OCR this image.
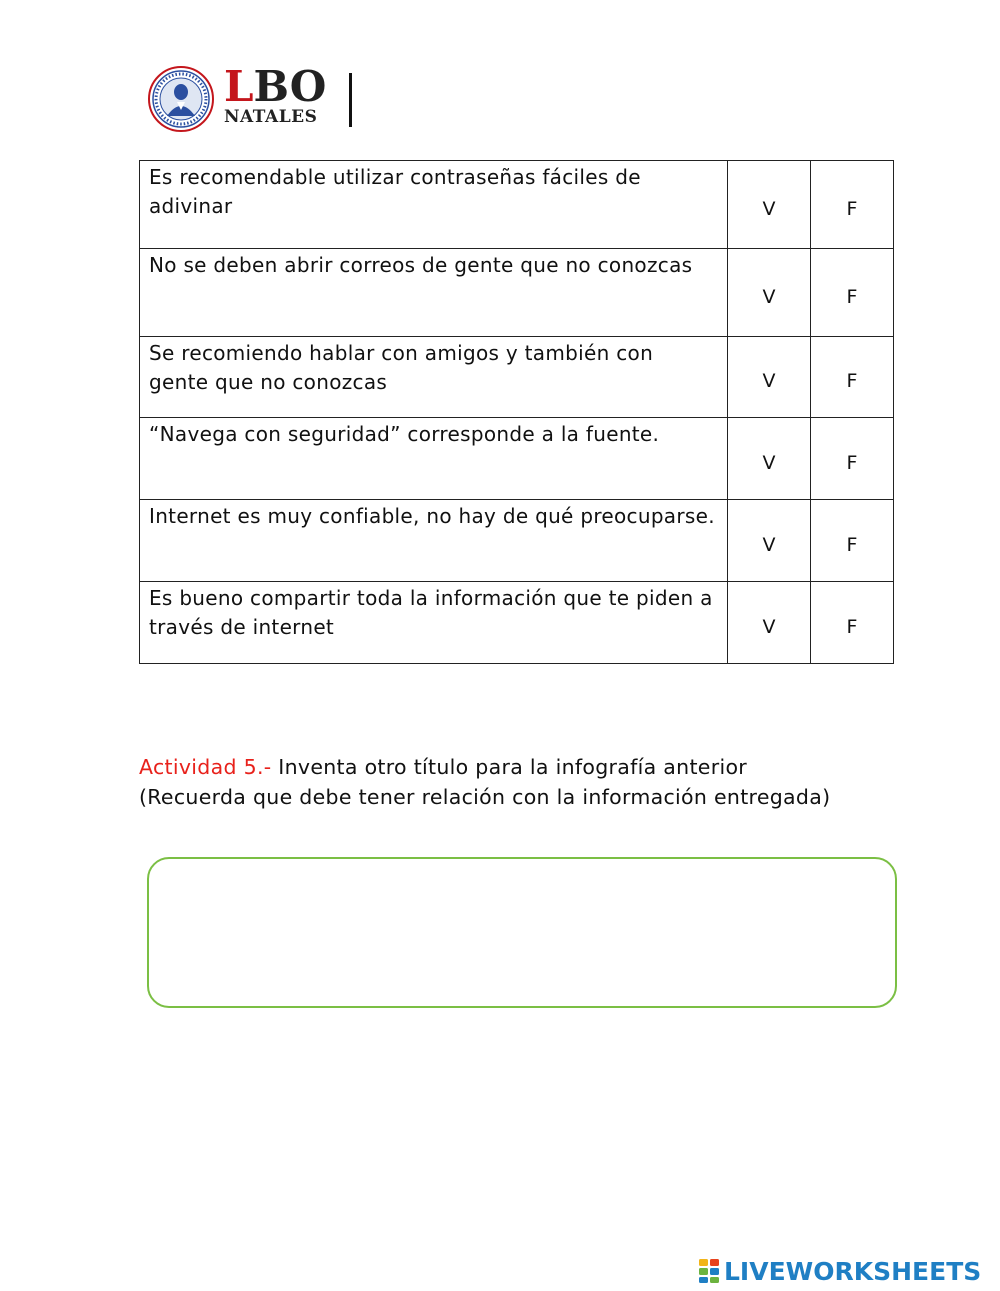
LBO
NATALES
Es recomendable utilizar contraseñas fáciles de adivinar	V	F
No se deben abrir correos de gente que no conozcas	V	F
Se recomiendo hablar con amigos y también con gente que no conozcas	V	F
“Navega con seguridad” corresponde a la fuente.	V	F
Internet es muy confiable, no hay de qué preocuparse.	V	F
Es bueno compartir toda la información que te piden a través de internet	V	F
Actividad 5.- Inventa otro título para la infografía anterior
(Recuerda que debe tener relación con la información entregada)
LIVEWORKSHEETS
